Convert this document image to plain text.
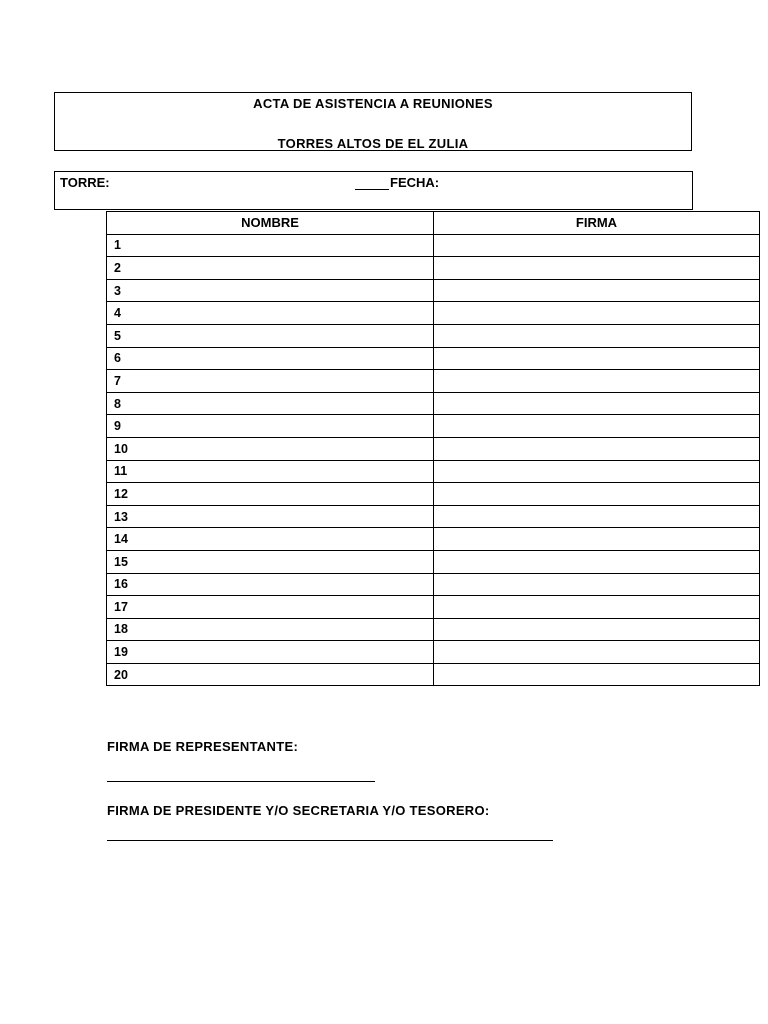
ACTA DE ASISTENCIA A REUNIONES
TORRES ALTOS DE EL ZULIA
TORRE:	FECHA:
NOMBRE	FIRMA
1	
2	
3	
4	
5	
6	
7	
8	
9	
10	
11	
12	
13	
14	
15	
16	
17	
18	
19	
20	
FIRMA DE REPRESENTANTE:
FIRMA DE PRESIDENTE Y/O SECRETARIA Y/O TESORERO:
